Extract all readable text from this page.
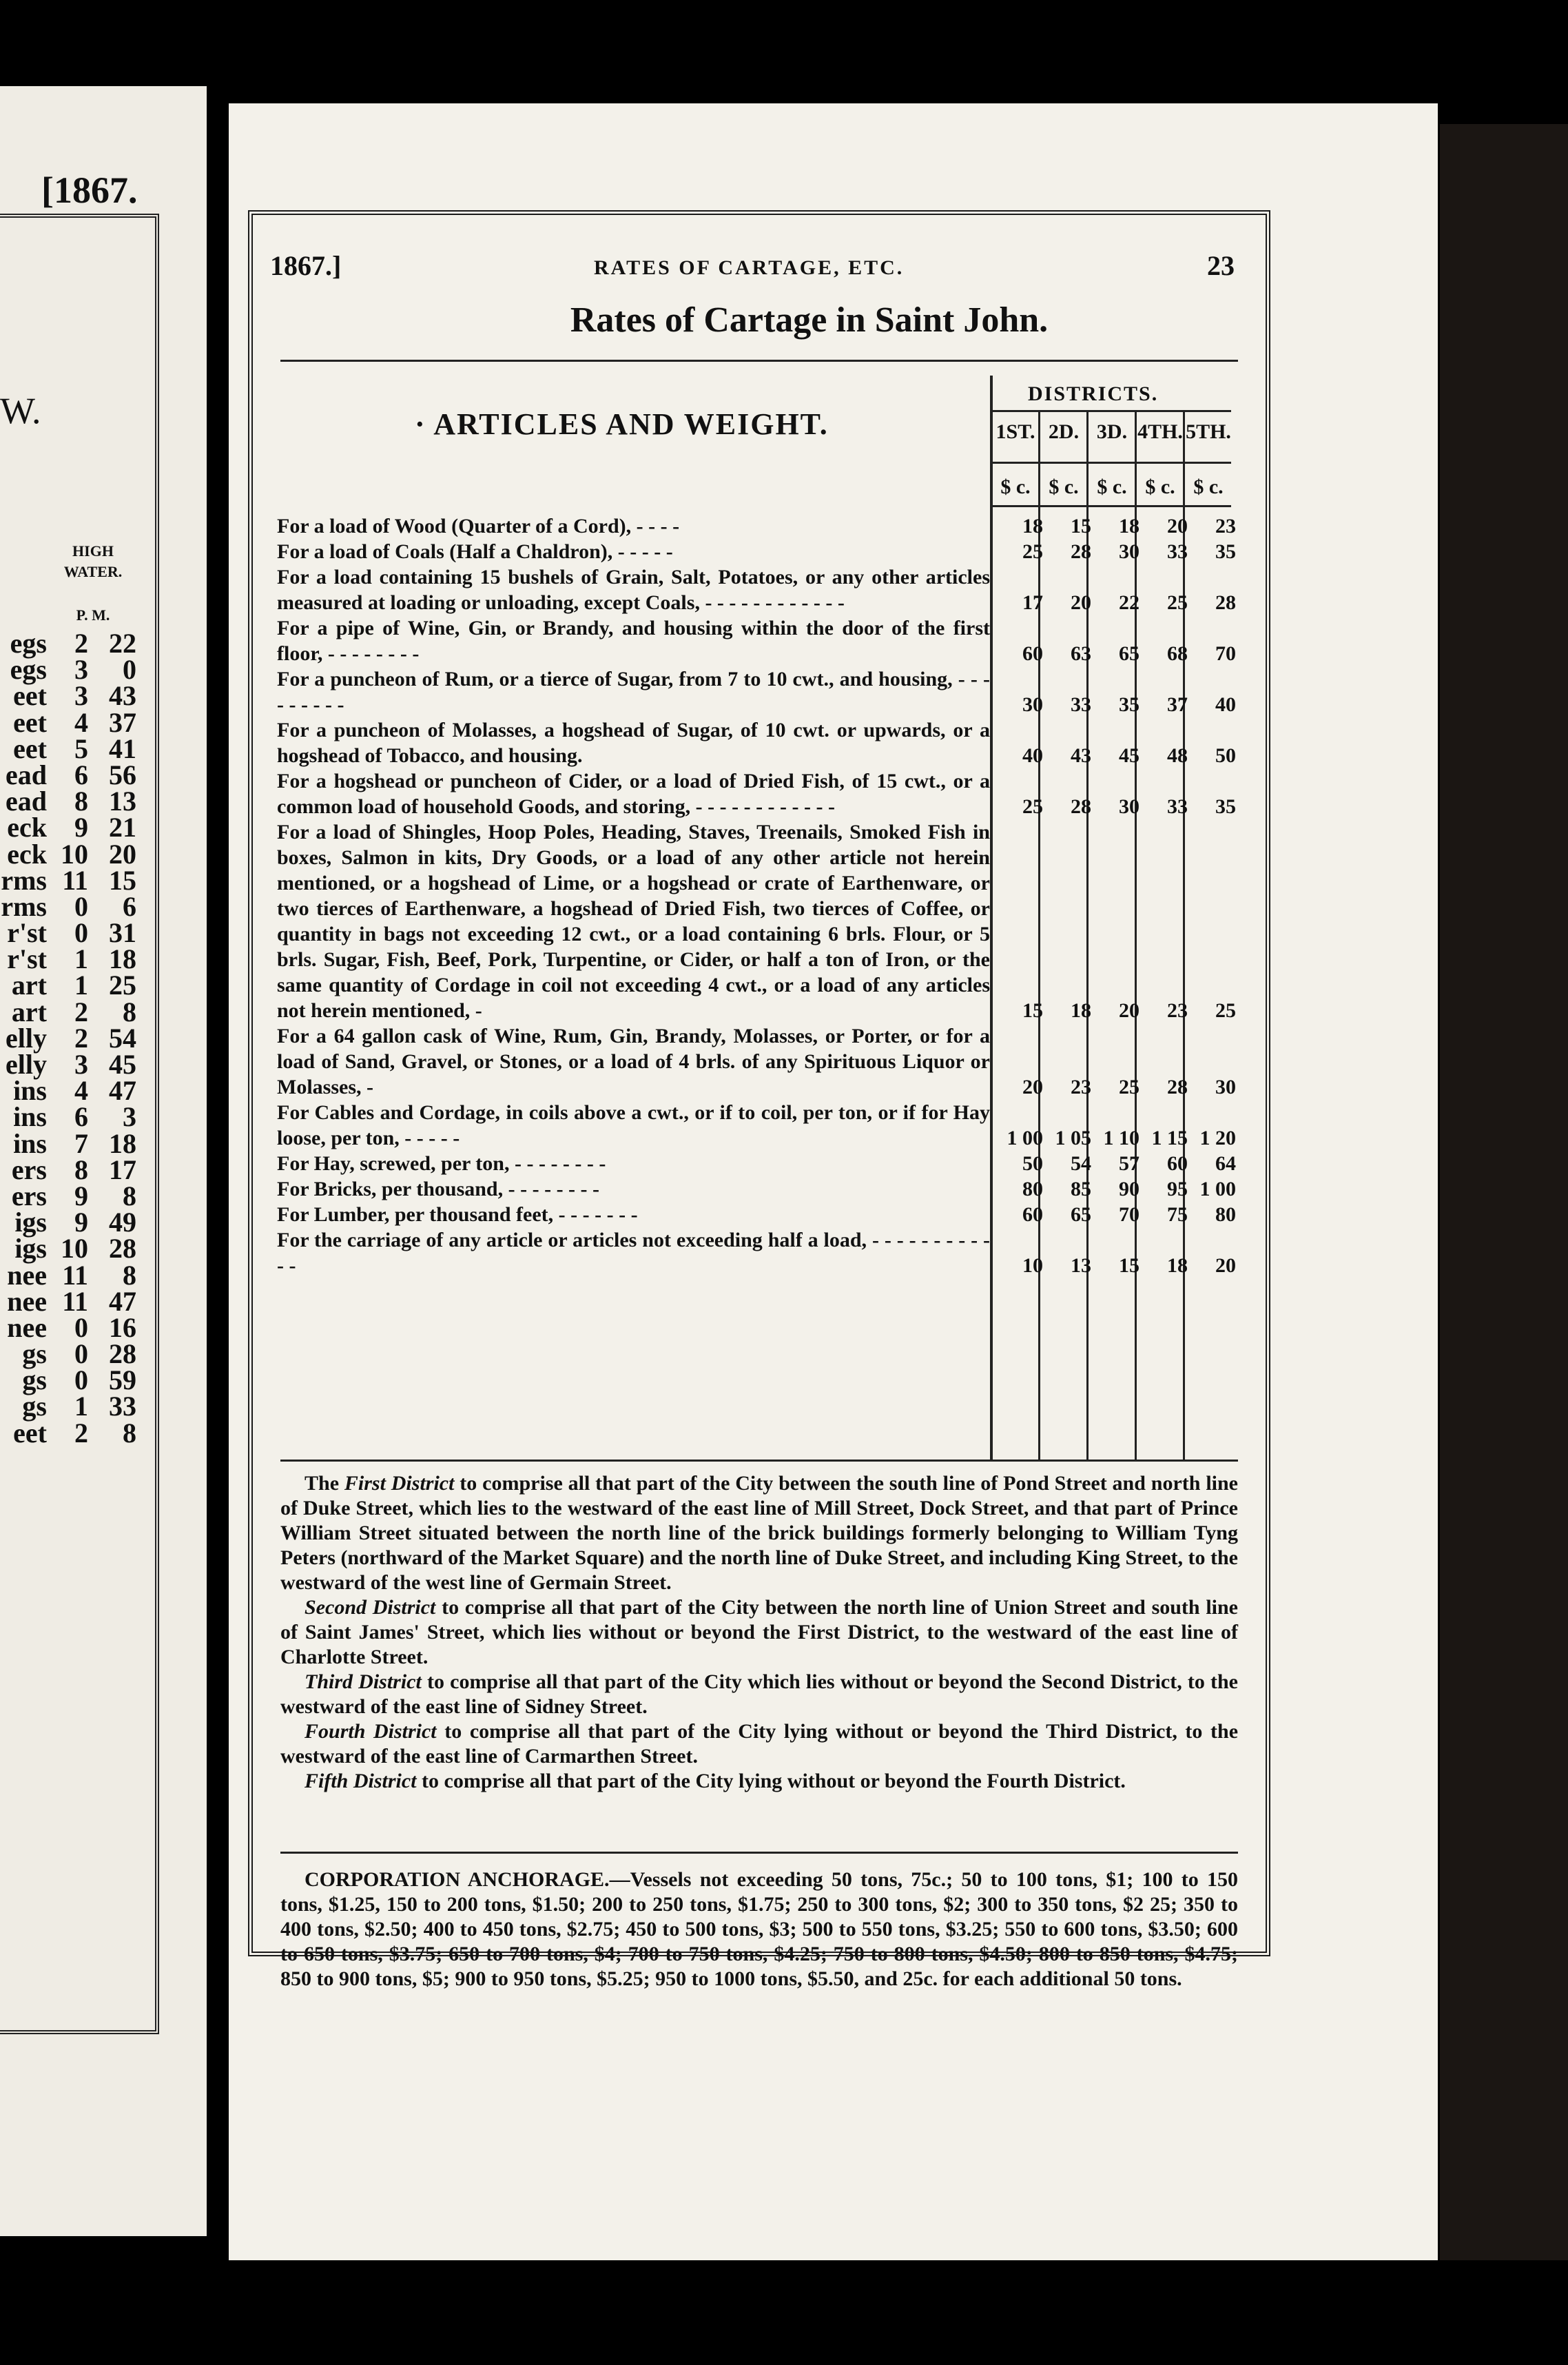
[1867.
W.
HIGH
WATER.
P. M.
egs	2 22
egs	3	0
eet	3 43
eet	4 37
eet	5 41
ead	6 56
ead	8 13
eck	9 21
eck 10 20
rms 11 15
rms	0	6
r'st	0 31
r'st	1 18
art	1 25
art	2	8
elly	2 54
elly	3 45
ins	4 47
ins	6	3
ins	7 18
ers	8 17
ers	9	8
igs	9 49
igs 10 28
nee 11	8
nee 11 47
nee	0 16
gs	0 28
gs	0 59
gs	1 33
eet	2	8
1867.]	RATES OF CARTAGE, ETC.	23
Rates of Cartage in Saint John.
· ARTICLES AND WEIGHT.
DISTRICTS.
1ST. 2D. 3D. 4TH. 5TH.
$ c. $ c. $ c. $ c. $ c.
For a load of Wood (Quarter of a Cord), - - - -	18	15	18	20	23
For a load of Coals (Half a Chaldron), - - - - -	25	28	30	33	35
For a load containing 15 bushels of Grain, Salt, Potatoes, or any other articles measured at loading or unloading, except Coals, - - - - - - - - - - - -	17	20	22	25	28
For a pipe of Wine, Gin, or Brandy, and housing within the door of the first floor, - - - - - - - -	60	63	65	68	70
For a puncheon of Rum, or a tierce of Sugar, from 7 to 10 cwt., and housing, - - - - - - - - -	30	33	35	37	40
For a puncheon of Molasses, a hogshead of Sugar, of 10 cwt. or upwards, or a hogshead of Tobacco, and housing.	40	43	45	48	50
For a hogshead or puncheon of Cider, or a load of Dried Fish, of 15 cwt., or a common load of household Goods, and storing, - - - - - - - - - - - -	25	28	30	33	35
For a load of Shingles, Hoop Poles, Heading, Staves, Treenails, Smoked Fish in boxes, Salmon in kits, Dry Goods, or a load of any other article not herein mentioned, or a hogshead of Lime, or a hogshead or crate of Earthenware, or two tierces of Earthenware, a hogshead of Dried Fish, two tierces of Coffee, or quantity in bags not exceeding 12 cwt., or a load containing 6 brls. Flour, or 5 brls. Sugar, Fish, Beef, Pork, Turpentine, or Cider, or half a ton of Iron, or the same quantity of Cordage in coil not exceeding 4 cwt., or a load of any articles not herein mentioned, -	15	18	20	23	25
For a 64 gallon cask of Wine, Rum, Gin, Brandy, Molasses, or Porter, or for a load of Sand, Gravel, or Stones, or a load of 4 brls. of any Spirituous Liquor or Molasses, -	20	23	25	28	30
For Cables and Cordage, in coils above a cwt., or if to coil, per ton, or if for Hay loose, per ton, - - - - -	1 00 1 05 1 10 1 15 1 20
For Hay, screwed, per ton, - - - - - - - -	50	54	57	60	64
For Bricks, per thousand, - - - - - - - -	80	85	90	95 1 00
For Lumber, per thousand feet, - - - - - - -	60	65	70	75	80
For the carriage of any article or articles not exceeding half a load, - - - - - - - - - - - -	10	13	15	18	20

The First District to comprise all that part of the City between the south line of Pond Street and north line of Duke Street, which lies to the westward of the east line of Mill Street, Dock Street, and that part of Prince William Street situated between the north line of the brick buildings formerly belonging to William Tyng Peters (northward of the Market Square) and the north line of Duke Street, and including King Street, to the westward of the west line of Germain Street.

Second District to comprise all that part of the City between the north line of Union Street and south line of Saint James' Street, which lies without or beyond the First District, to the westward of the east line of Charlotte Street.

Third District to comprise all that part of the City which lies without or beyond the Second District, to the westward of the east line of Sidney Street.

Fourth District to comprise all that part of the City lying without or beyond the Third District, to the westward of the east line of Carmarthen Street.

Fifth District to comprise all that part of the City lying without or beyond the Fourth District.

CORPORATION ANCHORAGE.—Vessels not exceeding 50 tons, 75c.; 50 to 100 tons, $1; 100 to 150 tons, $1.25, 150 to 200 tons, $1.50; 200 to 250 tons, $1.75; 250 to 300 tons, $2; 300 to 350 tons, $2 25; 350 to 400 tons, $2.50; 400 to 450 tons, $2.75; 450 to 500 tons, $3; 500 to 550 tons, $3.25; 550 to 600 tons, $3.50; 600 to 650 tons, $3.75; 650 to 700 tons, $4; 700 to 750 tons, $4.25; 750 to 800 tons, $4.50; 800 to 850 tons, $4.75; 850 to 900 tons, $5; 900 to 950 tons, $5.25; 950 to 1000 tons, $5.50, and 25c. for each additional 50 tons.
